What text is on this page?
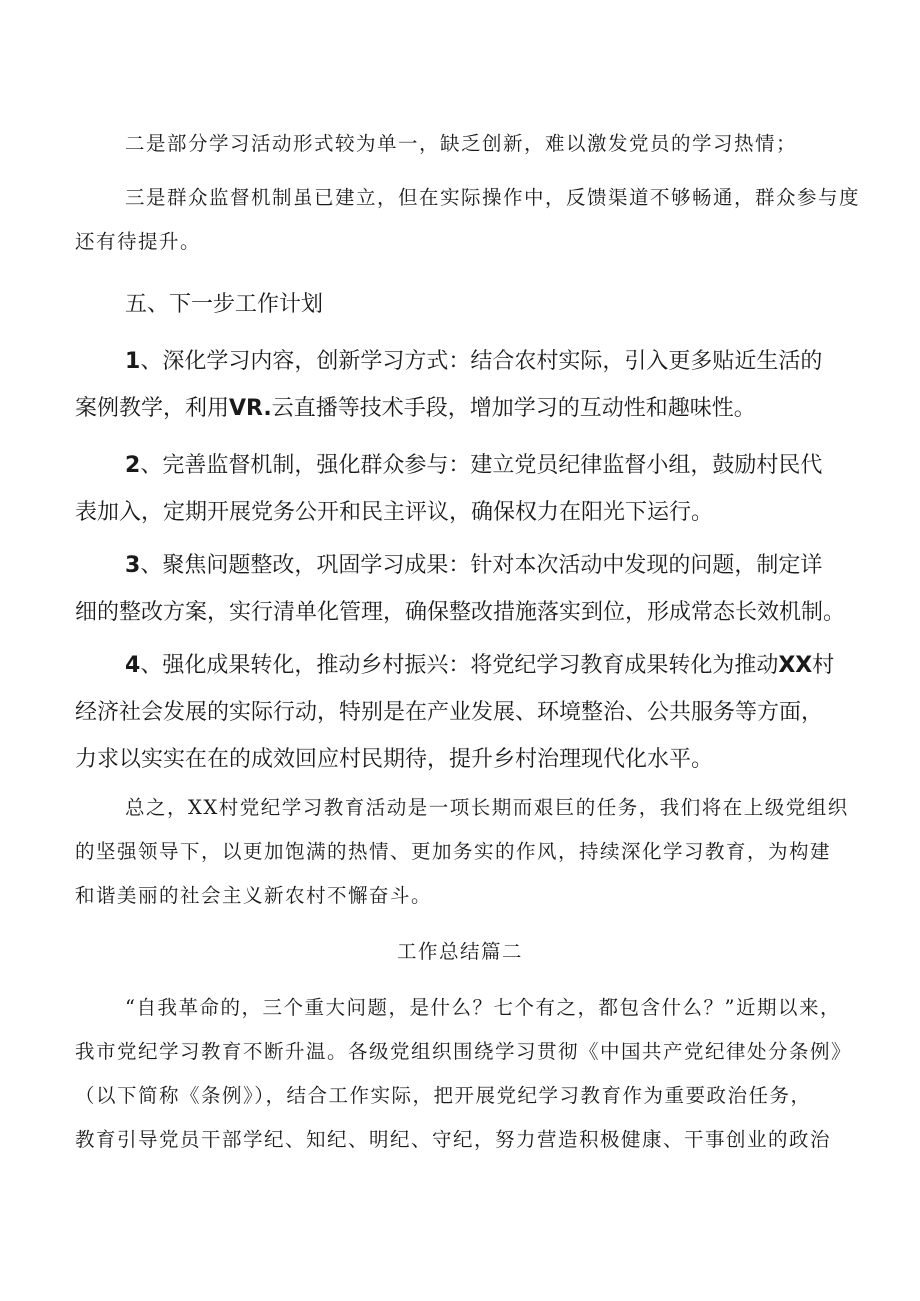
二是部分学习活动形式较为单一，缺乏创新，难以激发党员的学习热情；

三是群众监督机制虽已建立，但在实际操作中，反馈渠道不够畅通，群众参与度
还有待提升。

五、下一步工作计划

1、深化学习内容，创新学习方式：结合农村实际，引入更多贴近生活的
案例教学，利用VR.云直播等技术手段，增加学习的互动性和趣味性。

2、完善监督机制，强化群众参与：建立党员纪律监督小组，鼓励村民代
表加入，定期开展党务公开和民主评议，确保权力在阳光下运行。

3、聚焦问题整改，巩固学习成果：针对本次活动中发现的问题，制定详
细的整改方案，实行清单化管理，确保整改措施落实到位，形成常态长效机制。

4、强化成果转化，推动乡村振兴：将党纪学习教育成果转化为推动XX村
经济社会发展的实际行动，特别是在产业发展、环境整治、公共服务等方面，
力求以实实在在的成效回应村民期待，提升乡村治理现代化水平。

总之，XX村党纪学习教育活动是一项长期而艰巨的任务，我们将在上级党组织
的坚强领导下，以更加饱满的热情、更加务实的作风，持续深化学习教育，为构建
和谐美丽的社会主义新农村不懈奋斗。

工作总结篇二

“自我革命的，三个重大问题，是什么？七个有之，都包含什么？”近期以来，
我市党纪学习教育不断升温。各级党组织围绕学习贯彻《中国共产党纪律处分条例》
（以下简称《条例》），结合工作实际，把开展党纪学习教育作为重要政治任务，
教育引导党员干部学纪、知纪、明纪、守纪，努力营造积极健康、干事创业的政治
